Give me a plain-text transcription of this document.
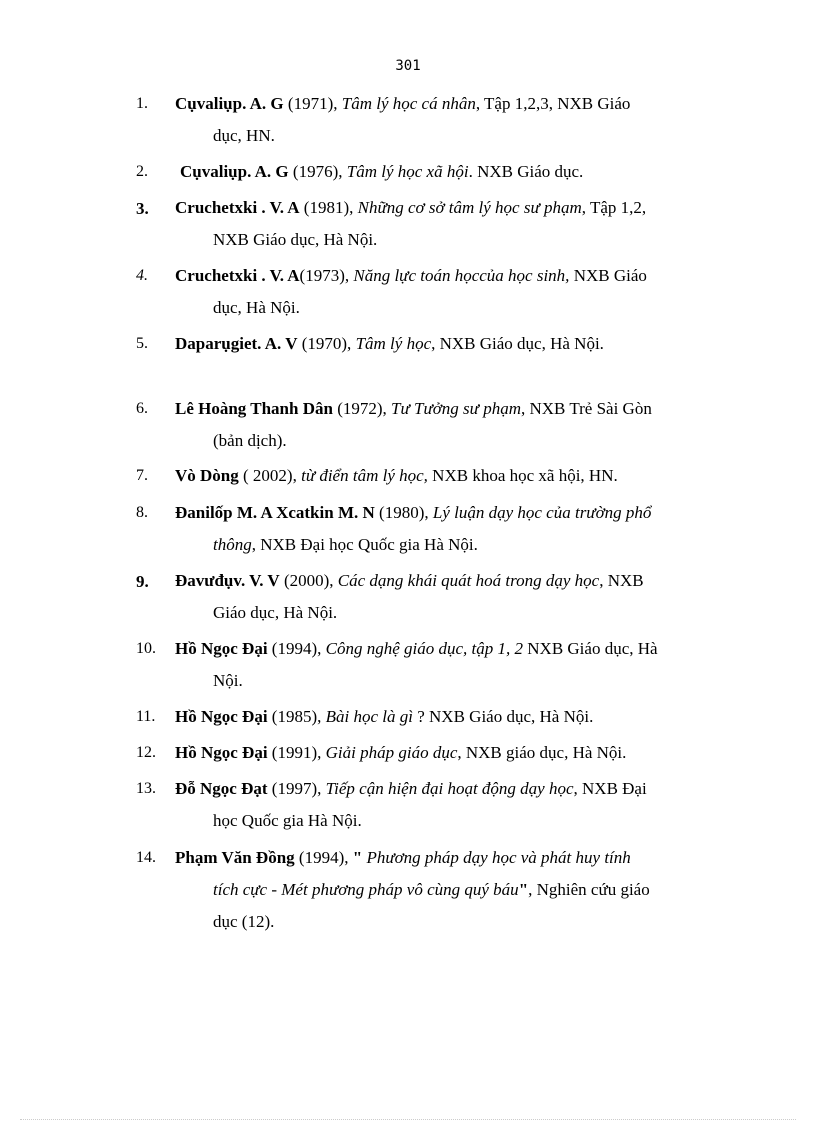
301
1. Cụvaliụp. A. G (1971), Tâm lý học cá nhân, Tập 1,2,3, NXB Giáo
dục, HN.
2. Cụvaliụp. A. G (1976), Tâm lý học xã hội. NXB Giáo dục.
3. Cruchetxki . V. A (1981), Những cơ sở tâm lý học sư phạm, Tập 1,2,
NXB Giáo dục, Hà Nội.
4. Cruchetxki . V. A(1973), Năng lực toán họccủa học sinh, NXB Giáo
dục, Hà Nội.
5. Daparụgiet. A. V (1970), Tâm lý học, NXB Giáo dục, Hà Nội.
6. Lê Hoàng Thanh Dân (1972), Tư Tưởng sư phạm, NXB Trẻ Sài Gòn
(bản dịch).
7. Vò Dòng ( 2002), từ điển tâm lý học, NXB khoa học xã hội, HN.
8. Đanilốp M. A Xcatkin M. N (1980), Lý luận dạy học của trường phổ
thông, NXB Đại học Quốc gia Hà Nội.
9. Đavưđụv. V. V (2000), Các dạng khái quát hoá trong dạy học, NXB
Giáo dục, Hà Nội.
10. Hồ Ngọc Đại (1994), Công nghệ giáo dục, tập 1, 2 NXB Giáo dục, Hà
Nội.
11. Hồ Ngọc Đại (1985), Bài học là gì ? NXB Giáo dục, Hà Nội.
12. Hồ Ngọc Đại (1991), Giải pháp giáo dục, NXB giáo dục, Hà Nội.
13. Đỗ Ngọc Đạt (1997), Tiếp cận hiện đại hoạt động dạy học, NXB Đại
học Quốc gia Hà Nội.
14. Phạm Văn Đồng (1994), " Phương pháp dạy học và phát huy tính
tích cực - Mét phương pháp vô cùng quý báu", Nghiên cứu giáo
dục (12).
